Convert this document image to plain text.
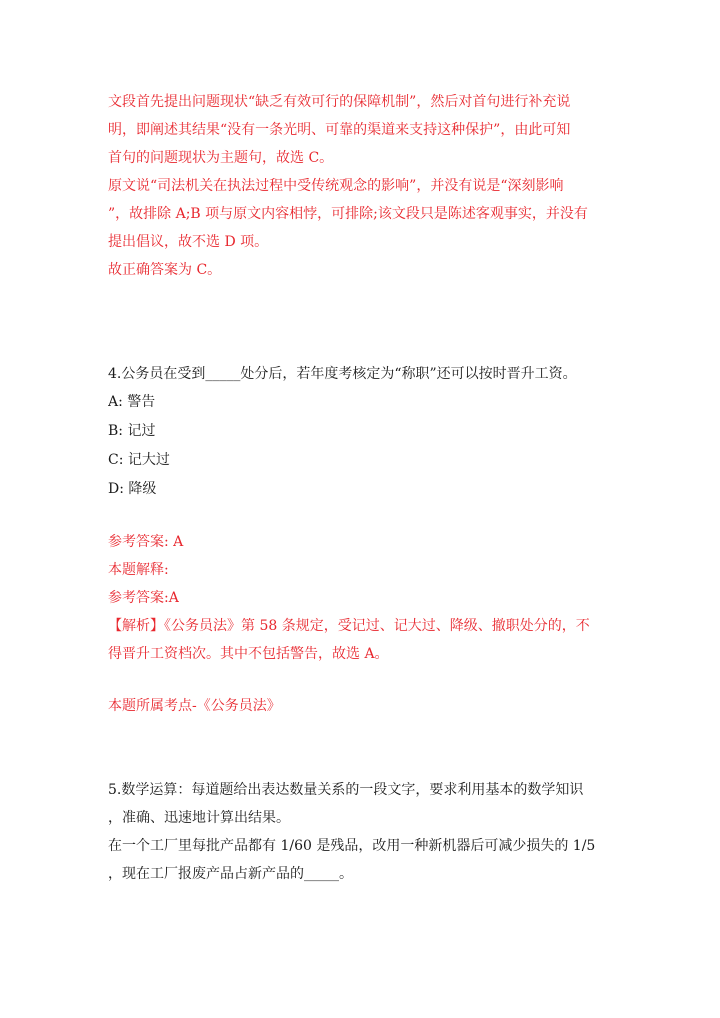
文段首先提出问题现状“缺乏有效可行的保障机制”，然后对首句进行补充说
明，即阐述其结果“没有一条光明、可靠的渠道来支持这种保护”，由此可知
首句的问题现状为主题句，故选 C。
原文说“司法机关在执法过程中受传统观念的影响”，并没有说是“深刻影响
”，故排除 A;B 项与原文内容相悖，可排除;该文段只是陈述客观事实，并没有
提出倡议，故不选 D 项。
故正确答案为 C。
4.公务员在受到_____处分后，若年度考核定为“称职”还可以按时晋升工资。
A: 警告
B: 记过
C: 记大过
D: 降级
参考答案: A
本题解释:
参考答案:A
【解析】《公务员法》第 58 条规定，受记过、记大过、降级、撤职处分的，不
得晋升工资档次。其中不包括警告，故选 A。
本题所属考点-《公务员法》
5.数学运算：每道题给出表达数量关系的一段文字，要求利用基本的数学知识
，准确、迅速地计算出结果。
在一个工厂里每批产品都有 1/60 是残品，改用一种新机器后可减少损失的 1/5
，现在工厂报废产品占新产品的_____。
